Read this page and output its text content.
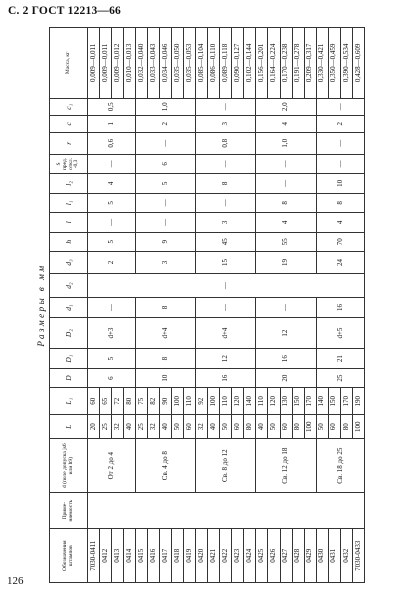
С. 2 ГОСТ 12213—66
Размеры в мм
Обозначения штампов	Приме- няемость	d (поле допуска js6 или h9)	L	L₁	D	D₁	D₂	d₁	d₂	d₃	h	l	l₁	l₂	S пред. откл. -0,3	r	c	c₁	Масса, кг
7030-0411		От 2 до 4	20	60	6	5	d+3	—	—	2	5	—	5	4	—	0,6	1	0,5	0,009—0,011
0412			25	65															0,009—0,011
0413			32	72															0,009—0,012
0414			40	80															0,010—0,013
0415		Св. 4 до 8	25	75	10	8	d+4	8		3	9	—	—	5	6	—	2	1,0	0,032—0,040
0416			32	82															0,033—0,043
0417			40	90															0,034—0,046
0418			50	100															0,035—0,050
0419			60	110															0,035—0,053
0420		Св. 8 до 12	32	92	16	12	d+4	—		15	45	3	—	8	—	0,8	3	—	0,085—0,104
0421			40	100															0,086—0,110
0422			50	110															0,089—0,118
0423			60	120															0,090—0,127
0424			80	140															0,102—0,144
0425		Св. 12 до 18	40	110	20	16	12	—		19	55	4	8	—	—	1,0	4	2,0	0,156—0,201
0426			50	120															0,164—0,224
0427			60	130															0,170—0,238
0428			80	150															0,191—0,278
0429			100	170															0,209—0,317
0430		Св. 18 до 25	50	140	25	21	d+5	16		24	70	4	8	10	—	—	2	—	0,330—0,421
0431			60	150															0,350—0,459
0432			80	170															0,390—0,534
7030-0433			100	190															0,428—0,609
126
